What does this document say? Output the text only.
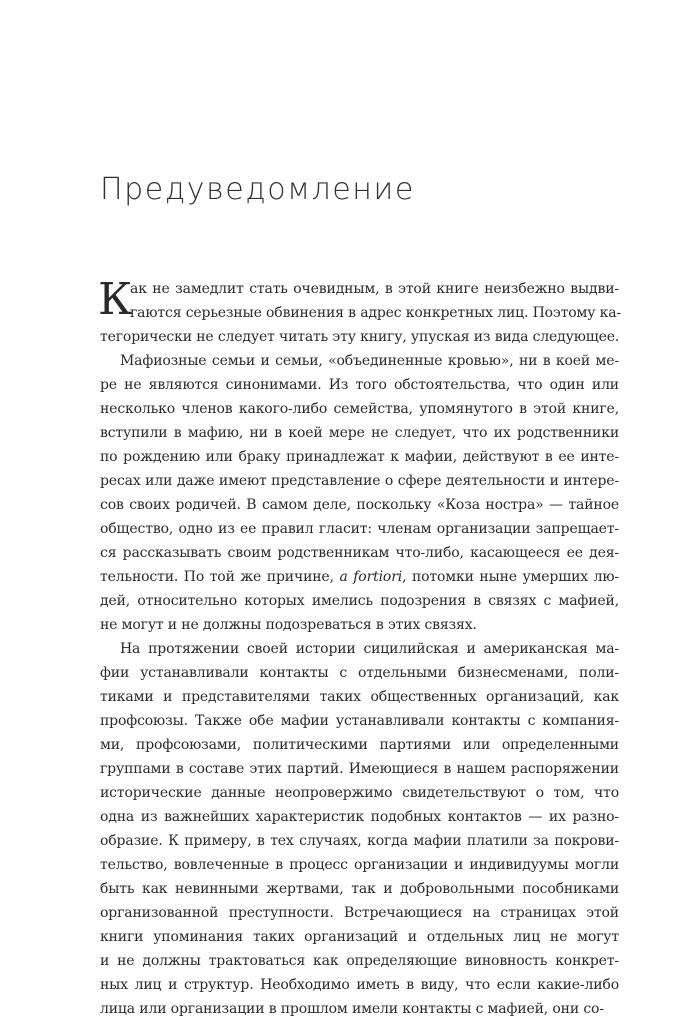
Предуведомление
К
ак не замедлит стать очевидным, в этой книге неизбежно выдви-
гаются серьезные обвинения в адрес конкретных лиц. Поэтому ка-
тегорически не следует читать эту книгу, упуская из вида следующее.
Мафиозные семьи и семьи, «объединенные кровью», ни в коей ме-
ре не являются синонимами. Из того обстоятельства, что один или
несколько членов какого-либо семейства, упомянутого в этой книге,
вступили в мафию, ни в коей мере не следует, что их родственники
по рождению или браку принадлежат к мафии, действуют в ее инте-
ресах или даже имеют представление о сфере деятельности и интере-
сов своих родичей. В самом деле, поскольку «Коза ностра» — тайное
общество, одно из ее правил гласит: членам организации запрещает-
ся рассказывать своим родственникам что-либо, касающееся ее дея-
тельности. По той же причине, a fortiori, потомки ныне умерших лю-
дей, относительно которых имелись подозрения в связях с мафией,
не могут и не должны подозреваться в этих связях.
На протяжении своей истории сицилийская и американская ма-
фии устанавливали контакты с отдельными бизнесменами, поли-
тиками и представителями таких общественных организаций, как
профсоюзы. Также обе мафии устанавливали контакты с компания-
ми, профсоюзами, политическими партиями или определенными
группами в составе этих партий. Имеющиеся в нашем распоряжении
исторические данные неопровержимо свидетельствуют о том, что
одна из важнейших характеристик подобных контактов — их разно-
образие. К примеру, в тех случаях, когда мафии платили за покрови-
тельство, вовлеченные в процесс организации и индивидуумы могли
быть как невинными жертвами, так и добровольными пособниками
организованной преступности. Встречающиеся на страницах этой
книги упоминания таких организаций и отдельных лиц не могут
и не должны трактоваться как определяющие виновность конкрет-
ных лиц и структур. Необходимо иметь в виду, что если какие-либо
лица или организации в прошлом имели контакты с мафией, они со-
